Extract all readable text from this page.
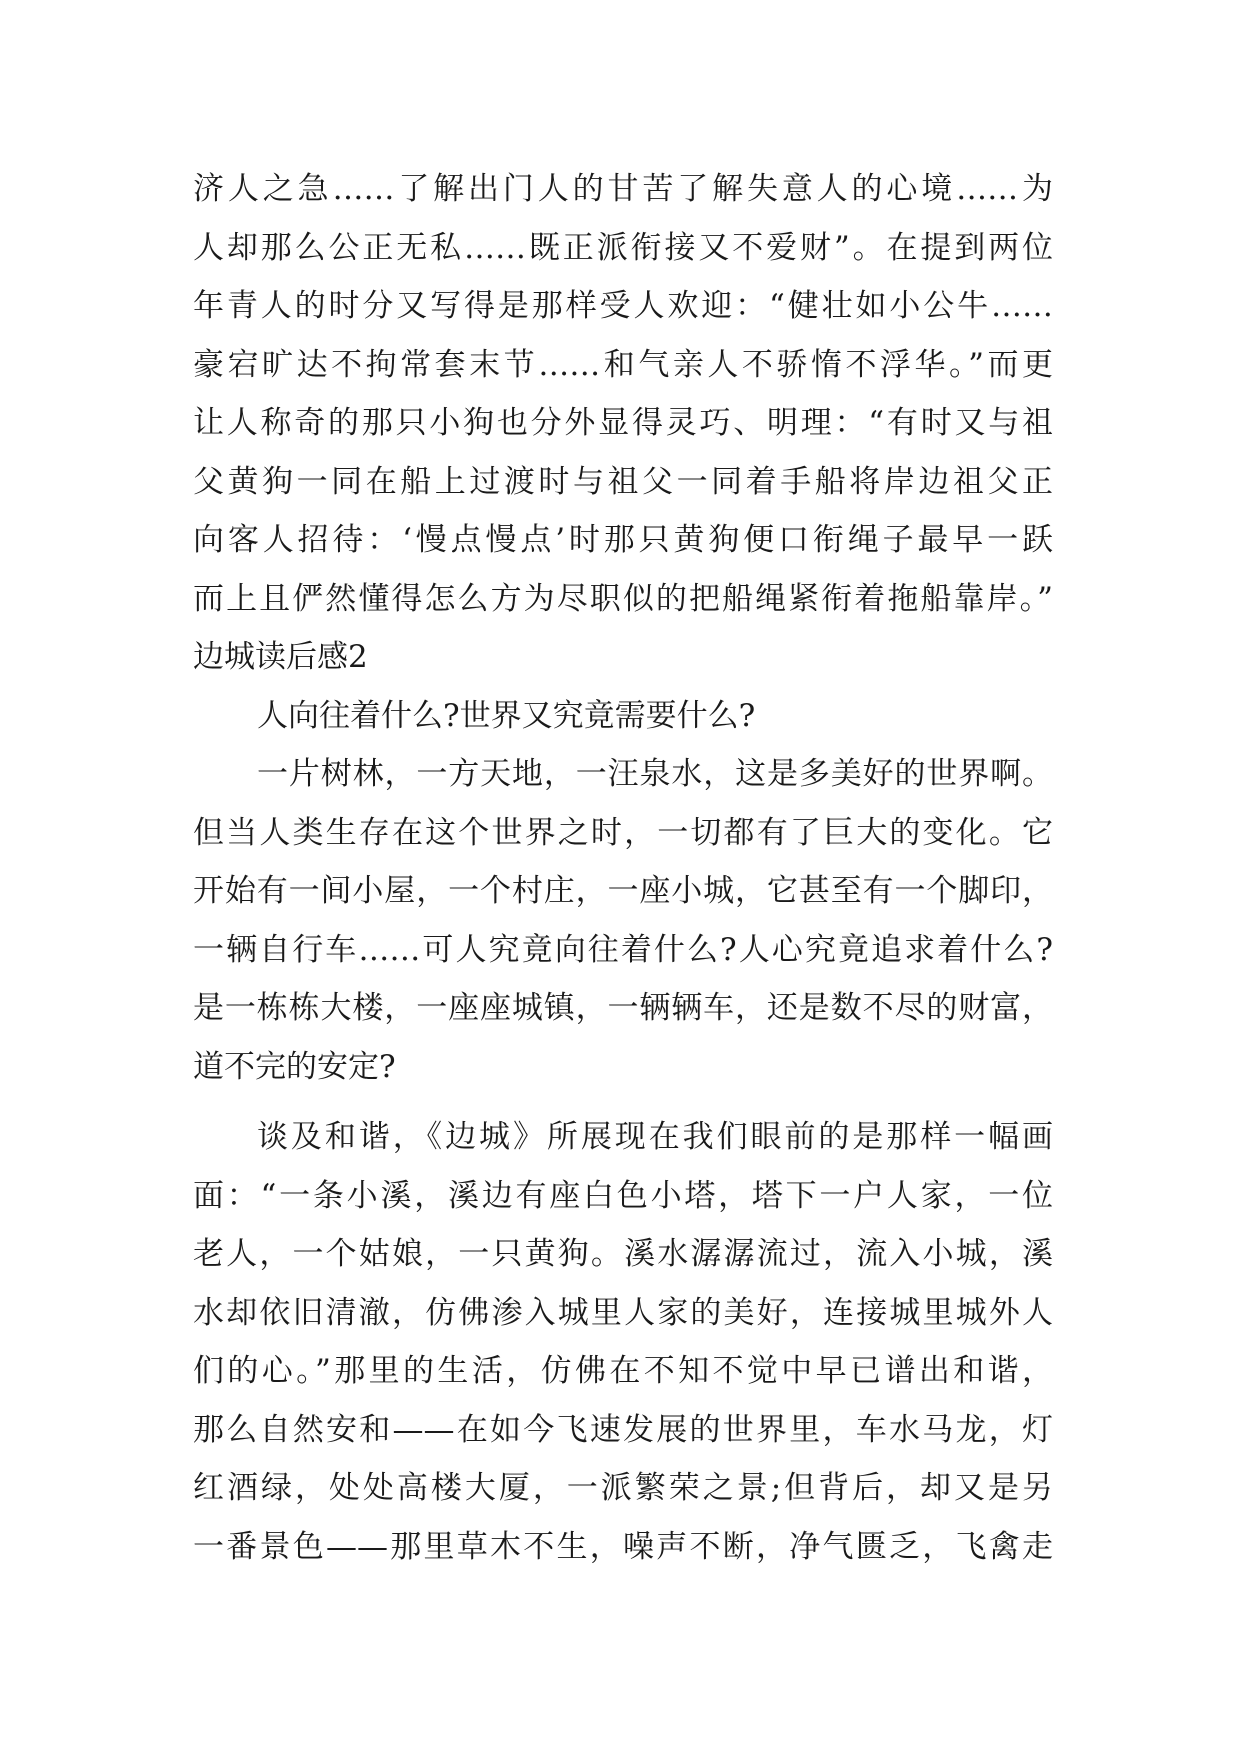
济人之急……了解出门人的甘苦了解失意人的心境……为
人却那么公正无私……既正派衔接又不爱财”。在提到两位
年青人的时分又写得是那样受人欢迎：“健壮如小公牛……
豪宕旷达不拘常套末节……和气亲人不骄惰不浮华。”而更
让人称奇的那只小狗也分外显得灵巧、明理：“有时又与祖
父黄狗一同在船上过渡时与祖父一同着手船将岸边祖父正
向客人招待：‘慢点慢点’时那只黄狗便口衔绳子最早一跃
而上且俨然懂得怎么方为尽职似的把船绳紧衔着拖船靠岸。”
边城读后感2
人向往着什么?世界又究竟需要什么?
一片树林，一方天地，一汪泉水，这是多美好的世界啊。
但当人类生存在这个世界之时，一切都有了巨大的变化。它
开始有一间小屋，一个村庄，一座小城，它甚至有一个脚印，
一辆自行车……可人究竟向往着什么?人心究竟追求着什么?
是一栋栋大楼，一座座城镇，一辆辆车，还是数不尽的财富，
道不完的安定?
谈及和谐，《边城》所展现在我们眼前的是那样一幅画
面：“一条小溪，溪边有座白色小塔，塔下一户人家，一位
老人，一个姑娘，一只黄狗。溪水潺潺流过，流入小城，溪
水却依旧清澈，仿佛渗入城里人家的美好，连接城里城外人
们的心。”那里的生活，仿佛在不知不觉中早已谱出和谐，
那么自然安和——在如今飞速发展的世界里，车水马龙，灯
红酒绿，处处高楼大厦，一派繁荣之景;但背后，却又是另
一番景色——那里草木不生，噪声不断，净气匮乏，飞禽走
